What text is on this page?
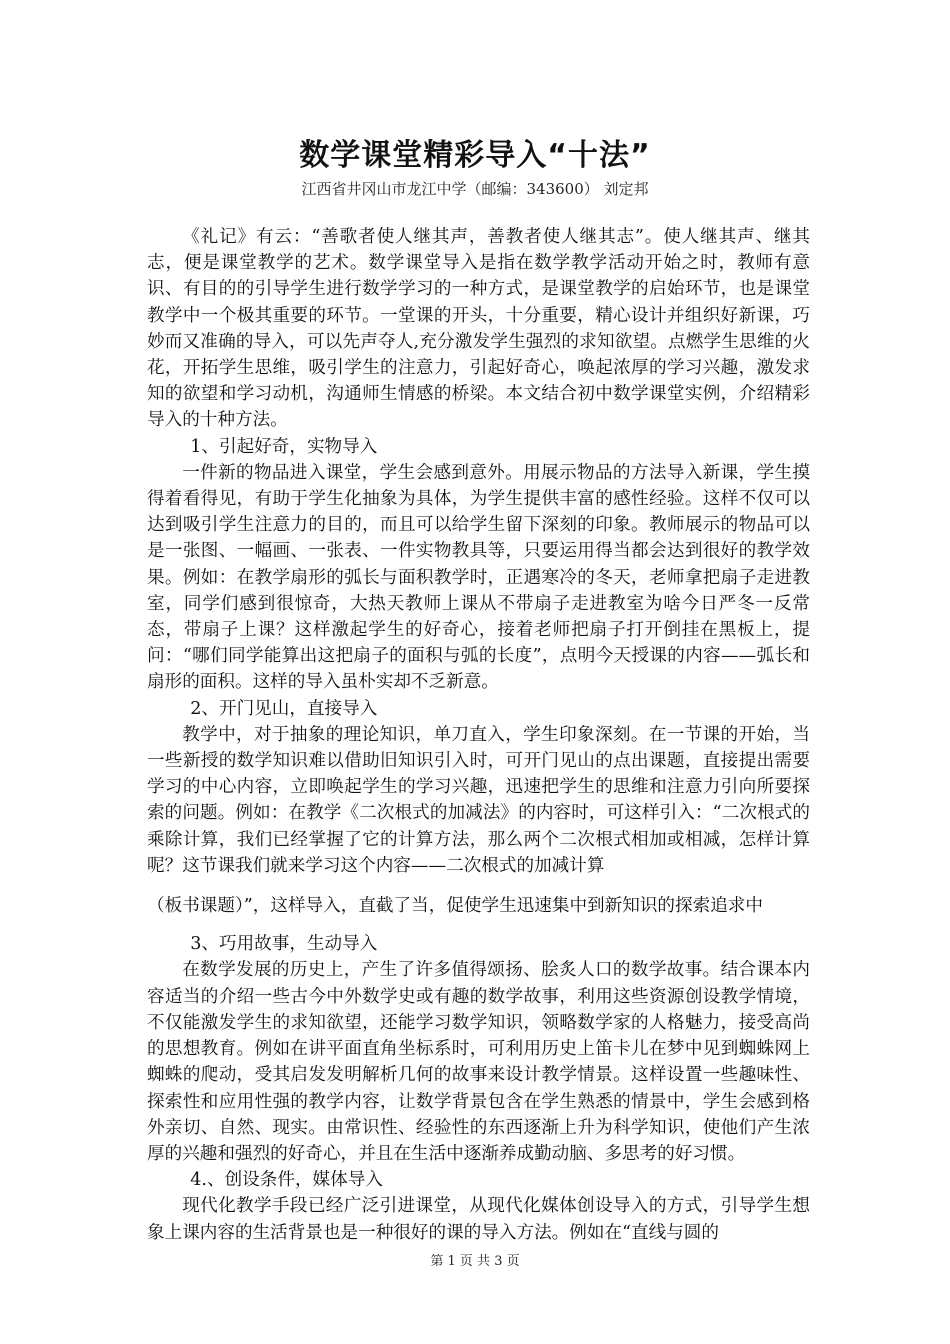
数学课堂精彩导入“十法”
江西省井冈山市龙江中学（邮编：343600） 刘定邦

《礼记》有云：“善歌者使人继其声，善教者使人继其志”。使人继其声、继其志，便是课堂教学的艺术。数学课堂导入是指在数学教学活动开始之时，教师有意识、有目的的引导学生进行数学学习的一种方式，是课堂教学的启始环节，也是课堂教学中一个极其重要的环节。一堂课的开头，十分重要，精心设计并组织好新课，巧妙而又准确的导入，可以先声夺人,充分激发学生强烈的求知欲望。点燃学生思维的火花，开拓学生思维，吸引学生的注意力，引起好奇心，唤起浓厚的学习兴趣，激发求知的欲望和学习动机，沟通师生情感的桥梁。本文结合初中数学课堂实例，介绍精彩导入的十种方法。

1、引起好奇，实物导入

一件新的物品进入课堂，学生会感到意外。用展示物品的方法导入新课，学生摸得着看得见，有助于学生化抽象为具体，为学生提供丰富的感性经验。这样不仅可以达到吸引学生注意力的目的，而且可以给学生留下深刻的印象。教师展示的物品可以是一张图、一幅画、一张表、一件实物教具等，只要运用得当都会达到很好的教学效果。例如：在教学扇形的弧长与面积教学时，正遇寒冷的冬天，老师拿把扇子走进教室，同学们感到很惊奇，大热天教师上课从不带扇子走进教室为啥今日严冬一反常态，带扇子上课？这样激起学生的好奇心，接着老师把扇子打开倒挂在黑板上，提问：“哪们同学能算出这把扇子的面积与弧的长度”，点明今天授课的内容——弧长和扇形的面积。这样的导入虽朴实却不乏新意。

2、开门见山，直接导入

教学中，对于抽象的理论知识，单刀直入，学生印象深刻。在一节课的开始，当一些新授的数学知识难以借助旧知识引入时，可开门见山的点出课题，直接提出需要学习的中心内容，立即唤起学生的学习兴趣，迅速把学生的思维和注意力引向所要探索的问题。例如：在教学《二次根式的加减法》的内容时，可这样引入：“二次根式的乘除计算，我们已经掌握了它的计算方法，那么两个二次根式相加或相减，怎样计算呢？这节课我们就来学习这个内容——二次根式的加减计算

（板书课题）”，这样导入，直截了当，促使学生迅速集中到新知识的探索追求中

3、巧用故事，生动导入

在数学发展的历史上，产生了许多值得颂扬、脍炙人口的数学故事。结合课本内容适当的介绍一些古今中外数学史或有趣的数学故事，利用这些资源创设教学情境，不仅能激发学生的求知欲望，还能学习数学知识，领略数学家的人格魅力，接受高尚的思想教育。例如在讲平面直角坐标系时，可利用历史上笛卡儿在梦中见到蜘蛛网上蜘蛛的爬动，受其启发发明解析几何的故事来设计教学情景。这样设置一些趣味性、探索性和应用性强的教学内容，让数学背景包含在学生熟悉的情景中，学生会感到格外亲切、自然、现实。由常识性、经验性的东西逐渐上升为科学知识，使他们产生浓厚的兴趣和强烈的好奇心，并且在生活中逐渐养成勤动脑、多思考的好习惯。

4.、创设条件，媒体导入

现代化教学手段已经广泛引进课堂，从现代化媒体创设导入的方式，引导学生想象上课内容的生活背景也是一种很好的课的导入方法。例如在“直线与圆的

第 1 页 共 3 页
